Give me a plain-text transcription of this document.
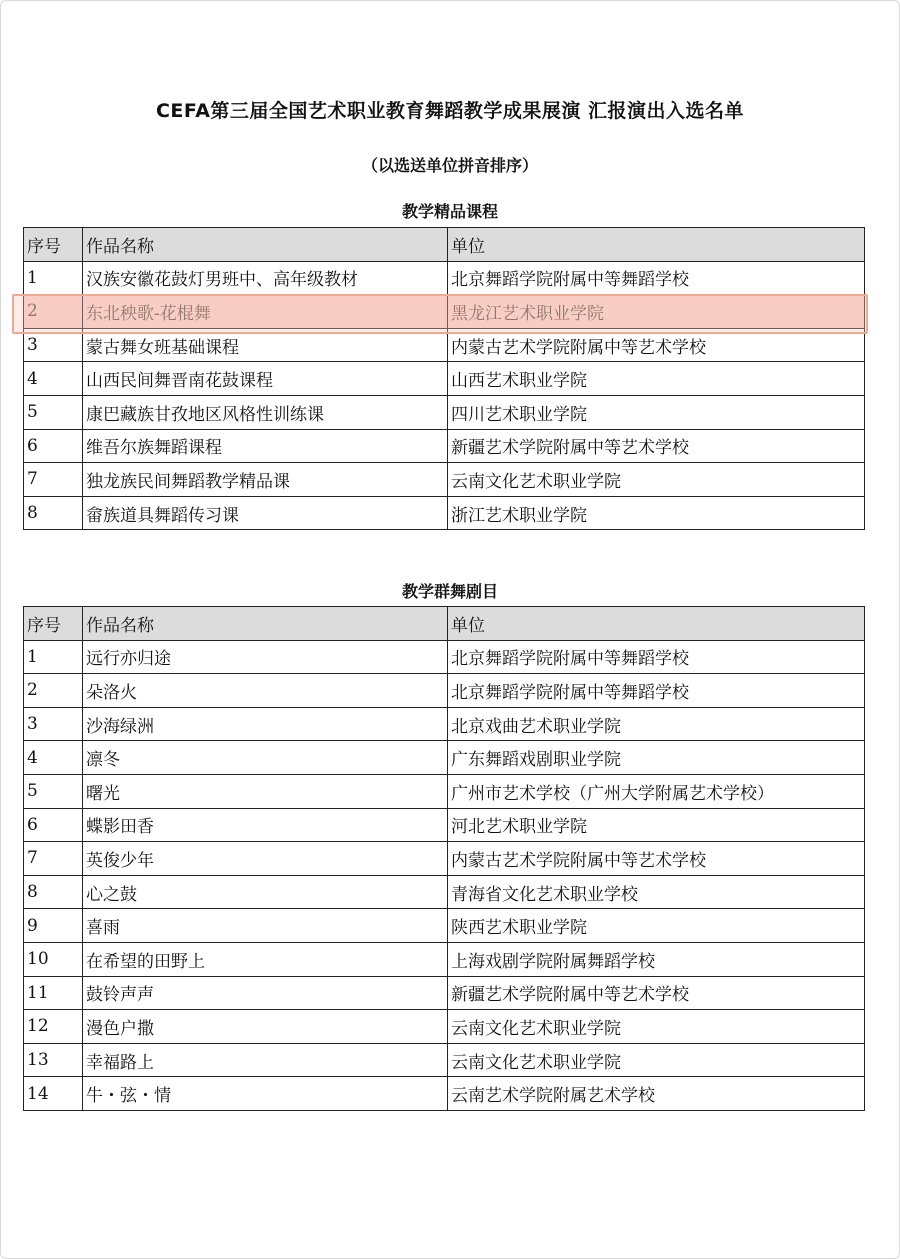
CEFA第三届全国艺术职业教育舞蹈教学成果展演 汇报演出入选名单
（以选送单位拼音排序）
教学精品课程
序号	作品名称	单位
1	汉族安徽花鼓灯男班中、高年级教材	北京舞蹈学院附属中等舞蹈学校
2	东北秧歌-花棍舞	黑龙江艺术职业学院
3	蒙古舞女班基础课程	内蒙古艺术学院附属中等艺术学校
4	山西民间舞晋南花鼓课程	山西艺术职业学院
5	康巴藏族甘孜地区风格性训练课	四川艺术职业学院
6	维吾尔族舞蹈课程	新疆艺术学院附属中等艺术学校
7	独龙族民间舞蹈教学精品课	云南文化艺术职业学院
8	畲族道具舞蹈传习课	浙江艺术职业学院
教学群舞剧目
序号	作品名称	单位
1	远行亦归途	北京舞蹈学院附属中等舞蹈学校
2	朵洛火	北京舞蹈学院附属中等舞蹈学校
3	沙海绿洲	北京戏曲艺术职业学院
4	凛冬	广东舞蹈戏剧职业学院
5	曙光	广州市艺术学校（广州大学附属艺术学校）
6	蝶影田香	河北艺术职业学院
7	英俊少年	内蒙古艺术学院附属中等艺术学校
8	心之鼓	青海省文化艺术职业学校
9	喜雨	陕西艺术职业学院
10	在希望的田野上	上海戏剧学院附属舞蹈学校
11	鼓铃声声	新疆艺术学院附属中等艺术学校
12	漫色户撒	云南文化艺术职业学院
13	幸福路上	云南文化艺术职业学院
14	牛・弦・情	云南艺术学院附属艺术学校
